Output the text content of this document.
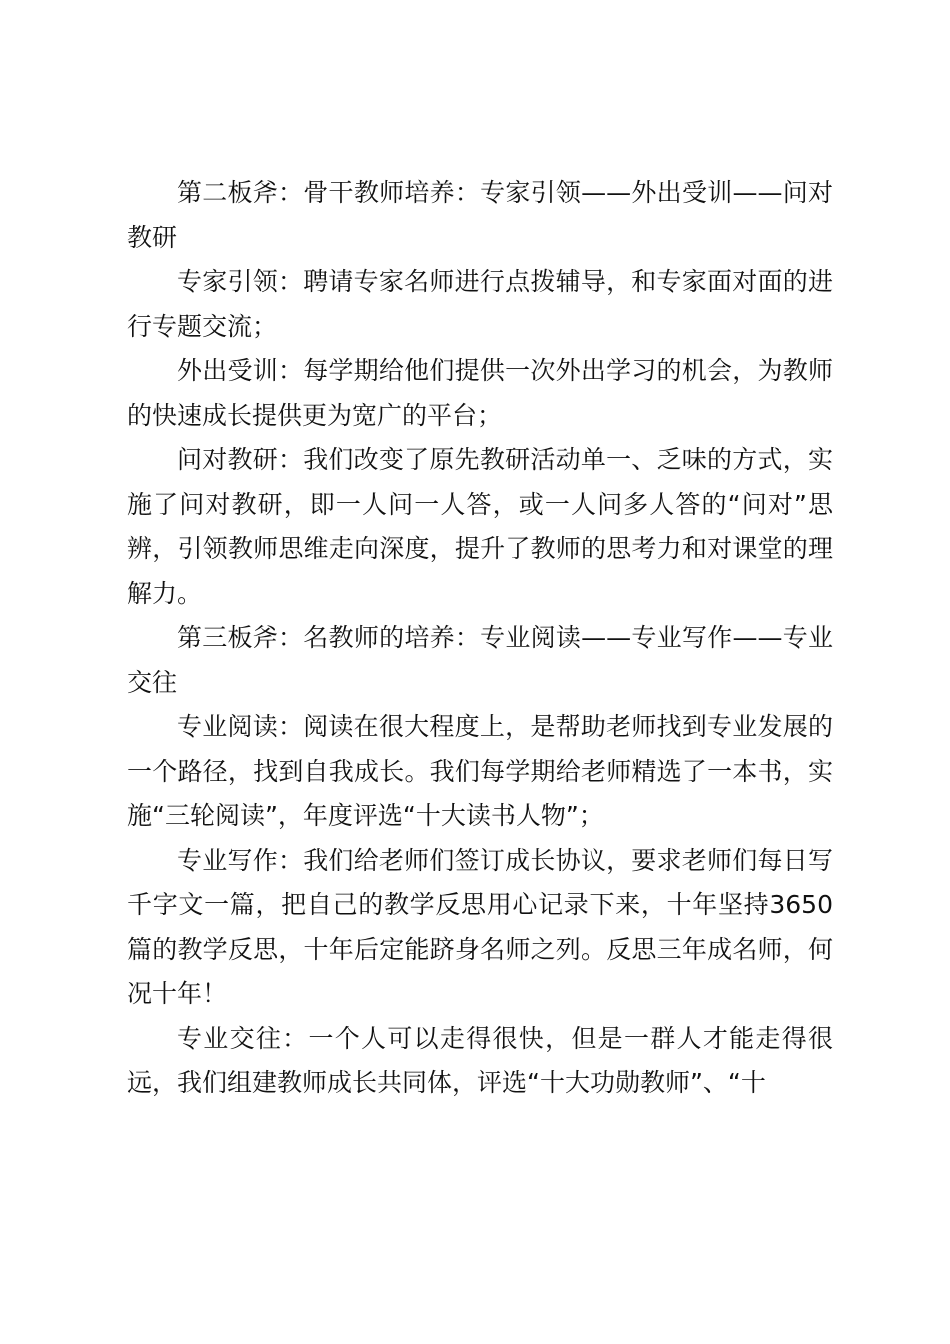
第二板斧：骨干教师培养：专家引领——外出受训——问对教研

专家引领：聘请专家名师进行点拨辅导，和专家面对面的进行专题交流；

外出受训：每学期给他们提供一次外出学习的机会，为教师的快速成长提供更为宽广的平台；

问对教研：我们改变了原先教研活动单一、乏味的方式，实施了问对教研，即一人问一人答，或一人问多人答的“问对”思辨，引领教师思维走向深度，提升了教师的思考力和对课堂的理解力。

第三板斧：名教师的培养：专业阅读——专业写作——专业交往

专业阅读：阅读在很大程度上，是帮助老师找到专业发展的一个路径，找到自我成长。我们每学期给老师精选了一本书，实施“三轮阅读”，年度评选“十大读书人物”；

专业写作：我们给老师们签订成长协议，要求老师们每日写千字文一篇，把自己的教学反思用心记录下来，十年坚持3650 篇的教学反思，十年后定能跻身名师之列。反思三年成名师，何况十年！

专业交往：一个人可以走得很快，但是一群人才能走得很远，我们组建教师成长共同体，评选“十大功勋教师”、“十
